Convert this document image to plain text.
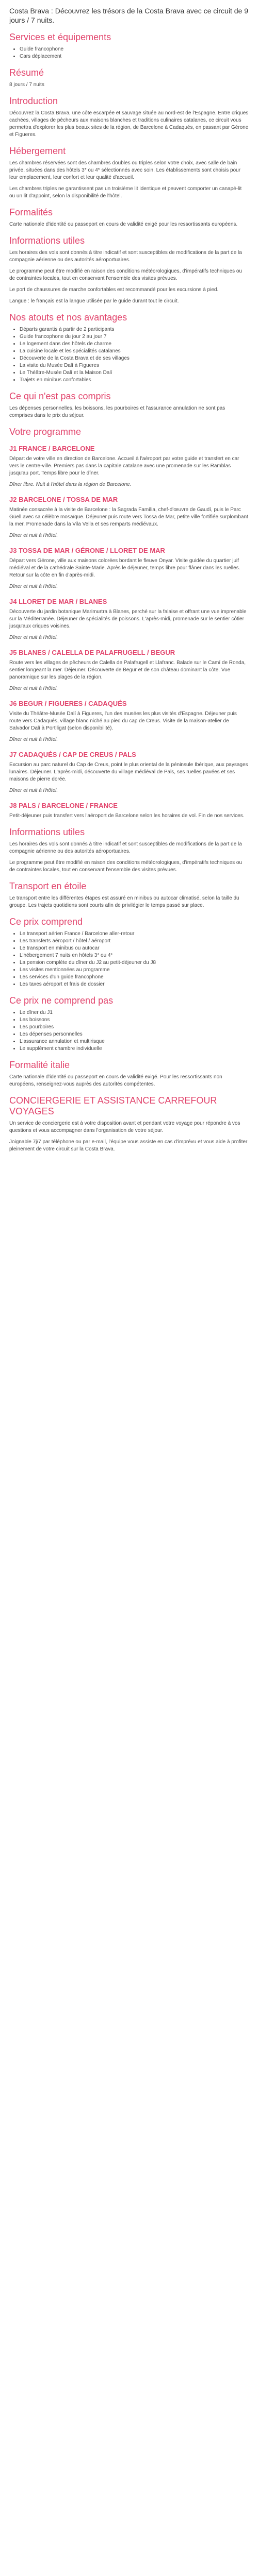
Costa Brava : Découvrez les trésors de la Costa Brava avec ce circuit de 9 jours / 7 nuits.
Services et équipements
• Guide francophone
• Cars déplacement
Résumé

8 jours / 7 nuits

Introduction

Découvrez la Costa Brava, une côte escarpée et sauvage située au nord-est de l'Espagne. Entre criques cachées, villages de pêcheurs aux maisons blanches et traditions culinaires catalanes, ce circuit vous permettra d'explorer les plus beaux sites de la région, de Barcelone à Cadaqués, en passant par Gérone et Figueres.

Hébergement

Les chambres réservées sont des chambres doubles ou triples selon votre choix, avec salle de bain privée, situées dans des hôtels 3* ou 4* sélectionnés avec soin. Les établissements sont choisis pour leur emplacement, leur confort et leur qualité d'accueil.

Les chambres triples ne garantissent pas un troisième lit identique et peuvent comporter un canapé-lit ou un lit d'appoint, selon la disponibilité de l'hôtel.

Formalités

Carte nationale d'identité ou passeport en cours de validité exigé pour les ressortissants européens.

Informations utiles

Les horaires des vols sont donnés à titre indicatif et sont susceptibles de modifications de la part de la compagnie aérienne ou des autorités aéroportuaires.

Le programme peut être modifié en raison des conditions météorologiques, d'impératifs techniques ou de contraintes locales, tout en conservant l'ensemble des visites prévues.

Le port de chaussures de marche confortables est recommandé pour les excursions à pied.

Langue : le français est la langue utilisée par le guide durant tout le circuit.

Nos atouts et nos avantages
• Départs garantis à partir de 2 participants
• Guide francophone du jour 2 au jour 7
• Le logement dans des hôtels de charme
• La cuisine locale et les spécialités catalanes
• Découverte de la Costa Brava et de ses villages
• La visite du Musée Dalí à Figueres
• Le Théâtre-Musée Dalí et la Maison Dalí
• Trajets en minibus confortables
Ce qui n'est pas compris

Les dépenses personnelles, les boissons, les pourboires et l'assurance annulation ne sont pas comprises dans le prix du séjour.

Votre programme
J1 FRANCE / BARCELONE

Départ de votre ville en direction de Barcelone. Accueil à l'aéroport par votre guide et transfert en car vers le centre-ville. Premiers pas dans la capitale catalane avec une promenade sur les Ramblas jusqu'au port. Temps libre pour le dîner.

Dîner libre. Nuit à l'hôtel dans la région de Barcelone.

J2 BARCELONE / TOSSA DE MAR

Matinée consacrée à la visite de Barcelone : la Sagrada Família, chef-d'œuvre de Gaudí, puis le Parc Güell avec sa célèbre mosaïque. Déjeuner puis route vers Tossa de Mar, petite ville fortifiée surplombant la mer. Promenade dans la Vila Vella et ses remparts médiévaux.

Dîner et nuit à l'hôtel.

J3 TOSSA DE MAR / GÉRONE / LLORET DE MAR

Départ vers Gérone, ville aux maisons colorées bordant le fleuve Onyar. Visite guidée du quartier juif médiéval et de la cathédrale Sainte-Marie. Après le déjeuner, temps libre pour flâner dans les ruelles. Retour sur la côte en fin d'après-midi.

Dîner et nuit à l'hôtel.

J4 LLORET DE MAR / BLANES

Découverte du jardin botanique Marimurtra à Blanes, perché sur la falaise et offrant une vue imprenable sur la Méditerranée. Déjeuner de spécialités de poissons. L'après-midi, promenade sur le sentier côtier jusqu'aux criques voisines.

Dîner et nuit à l'hôtel.

J5 BLANES / CALELLA DE PALAFRUGELL / BEGUR

Route vers les villages de pêcheurs de Calella de Palafrugell et Llafranc. Balade sur le Camí de Ronda, sentier longeant la mer. Déjeuner. Découverte de Begur et de son château dominant la côte. Vue panoramique sur les plages de la région.

Dîner et nuit à l'hôtel.

J6 BEGUR / FIGUERES / CADAQUÉS

Visite du Théâtre-Musée Dalí à Figueres, l'un des musées les plus visités d'Espagne. Déjeuner puis route vers Cadaqués, village blanc niché au pied du cap de Creus. Visite de la maison-atelier de Salvador Dalí à Portlligat (selon disponibilité).

Dîner et nuit à l'hôtel.

J7 CADAQUÉS / CAP DE CREUS / PALS

Excursion au parc naturel du Cap de Creus, point le plus oriental de la péninsule Ibérique, aux paysages lunaires. Déjeuner. L'après-midi, découverte du village médiéval de Pals, ses ruelles pavées et ses maisons de pierre dorée.

Dîner et nuit à l'hôtel.

J8 PALS / BARCELONE / FRANCE

Petit-déjeuner puis transfert vers l'aéroport de Barcelone selon les horaires de vol. Fin de nos services.

Informations utiles

Les horaires des vols sont donnés à titre indicatif et sont susceptibles de modifications de la part de la compagnie aérienne ou des autorités aéroportuaires.

Le programme peut être modifié en raison des conditions météorologiques, d'impératifs techniques ou de contraintes locales, tout en conservant l'ensemble des visites prévues.

Transport en étoile

Le transport entre les différentes étapes est assuré en minibus ou autocar climatisé, selon la taille du groupe. Les trajets quotidiens sont courts afin de privilégier le temps passé sur place.

Ce prix comprend
• Le transport aérien France / Barcelone aller-retour
• Les transferts aéroport / hôtel / aéroport
• Le transport en minibus ou autocar
• L'hébergement 7 nuits en hôtels 3* ou 4*
• La pension complète du dîner du J2 au petit-déjeuner du J8
• Les visites mentionnées au programme
• Les services d'un guide francophone
• Les taxes aéroport et frais de dossier
Ce prix ne comprend pas
• Le dîner du J1
• Les boissons
• Les pourboires
• Les dépenses personnelles
• L'assurance annulation et multirisque
• Le supplément chambre individuelle
Formalité italie

Carte nationale d'identité ou passeport en cours de validité exigé. Pour les ressortissants non européens, renseignez-vous auprès des autorités compétentes.

CONCIERGERIE ET ASSISTANCE CARREFOUR VOYAGES

Un service de conciergerie est à votre disposition avant et pendant votre voyage pour répondre à vos questions et vous accompagner dans l'organisation de votre séjour.

Joignable 7j/7 par téléphone ou par e-mail, l'équipe vous assiste en cas d'imprévu et vous aide à profiter pleinement de votre circuit sur la Costa Brava.
